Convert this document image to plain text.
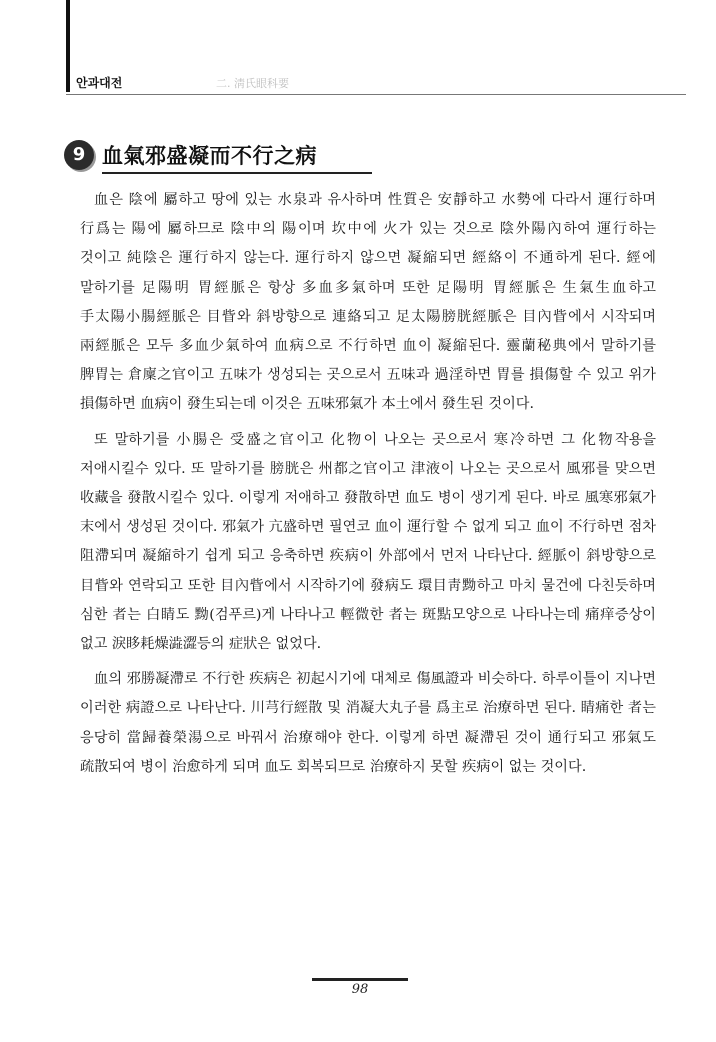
안과대전	二. 淸氏眼科要
9 血氣邪盛凝而不行之病

血은 陰에 屬하고 땅에 있는 水泉과 유사하며 性質은 安靜하고 水勢에 다라서 運行하며 行爲는 陽에 屬하므로 陰中의 陽이며 坎中에 火가 있는 것으로 陰外陽內하여 運行하는 것이고 純陰은 運行하지 않는다. 運行하지 않으면 凝縮되면 經絡이 不通하게 된다. 經에 말하기를 足陽明 胃經脈은 항상 多血多氣하며 또한 足陽明 胃經脈은 生氣生血하고 手太陽小腸經脈은 目眥와 斜방향으로 連絡되고 足太陽膀胱經脈은 目內眥에서 시작되며 兩經脈은 모두 多血少氣하여 血病으로 不行하면 血이 凝縮된다. 靈蘭秘典에서 말하기를 脾胃는 倉廩之官이고 五味가 생성되는 곳으로서 五味과 過淫하면 胃를 損傷할 수 있고 위가 損傷하면 血病이 發生되는데 이것은 五味邪氣가 本土에서 發生된 것이다.

또 말하기를 小腸은 受盛之官이고 化物이 나오는 곳으로서 寒冷하면 그 化物작용을 저애시킬수 있다. 또 말하기를 膀胱은 州都之官이고 津液이 나오는 곳으로서 風邪를 맞으면 收藏을 發散시킬수 있다. 이렇게 저애하고 發散하면 血도 병이 생기게 된다. 바로 風寒邪氣가 末에서 생성된 것이다. 邪氣가 亢盛하면 필연코 血이 運行할 수 없게 되고 血이 不行하면 점차 阻滯되며 凝縮하기 쉽게 되고 응축하면 疾病이 外部에서 먼저 나타난다. 經脈이 斜방향으로 目眥와 연락되고 또한 目內眥에서 시작하기에 發病도 環目靑黝하고 마치 물건에 다친듯하며 심한 者는 白睛도 黝(검푸르)게 나타나고 輕微한 者는 斑點모양으로 나타나는데 痛痒증상이 없고 淚眵耗燥澁澀등의 症狀은 없었다.

血의 邪勝凝滯로 不行한 疾病은 初起시기에 대체로 傷風證과 비슷하다. 하루이틀이 지나면 이러한 病證으로 나타난다. 川芎行經散 및 消凝大丸子를 爲主로 治療하면 된다. 睛痛한 者는 응당히 當歸養榮湯으로 바꿔서 治療해야 한다. 이렇게 하면 凝滯된 것이 通行되고 邪氣도 疏散되여 병이 治愈하게 되며 血도 회복되므로 治療하지 못할 疾病이 없는 것이다.

98
